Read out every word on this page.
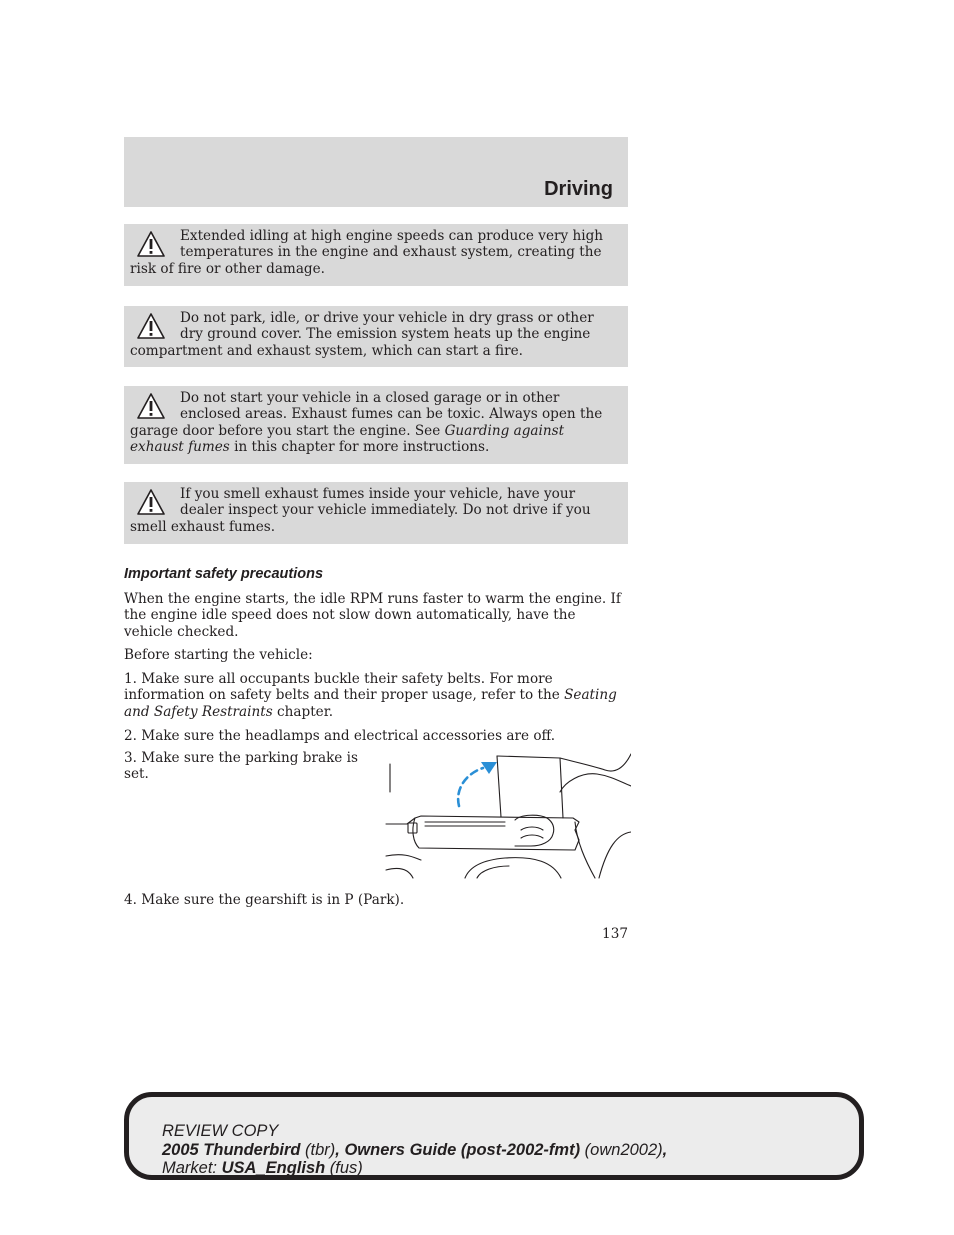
Driving

Extended idling at high engine speeds can produce very high temperatures in the engine and exhaust system, creating the risk of fire or other damage.

Do not park, idle, or drive your vehicle in dry grass or other dry ground cover. The emission system heats up the engine compartment and exhaust system, which can start a fire.

Do not start your vehicle in a closed garage or in other enclosed areas. Exhaust fumes can be toxic. Always open the garage door before you start the engine. See Guarding against exhaust fumes in this chapter for more instructions.

If you smell exhaust fumes inside your vehicle, have your dealer inspect your vehicle immediately. Do not drive if you smell exhaust fumes.

Important safety precautions

When the engine starts, the idle RPM runs faster to warm the engine. If the engine idle speed does not slow down automatically, have the vehicle checked.

Before starting the vehicle:

1. Make sure all occupants buckle their safety belts. For more information on safety belts and their proper usage, refer to the Seating and Safety Restraints chapter.

2. Make sure the headlamps and electrical accessories are off.

3. Make sure the parking brake is set.

4. Make sure the gearshift is in P (Park).

137
REVIEW COPY
2005 Thunderbird (tbr), Owners Guide (post-2002-fmt) (own2002),
Market: USA_English (fus)
